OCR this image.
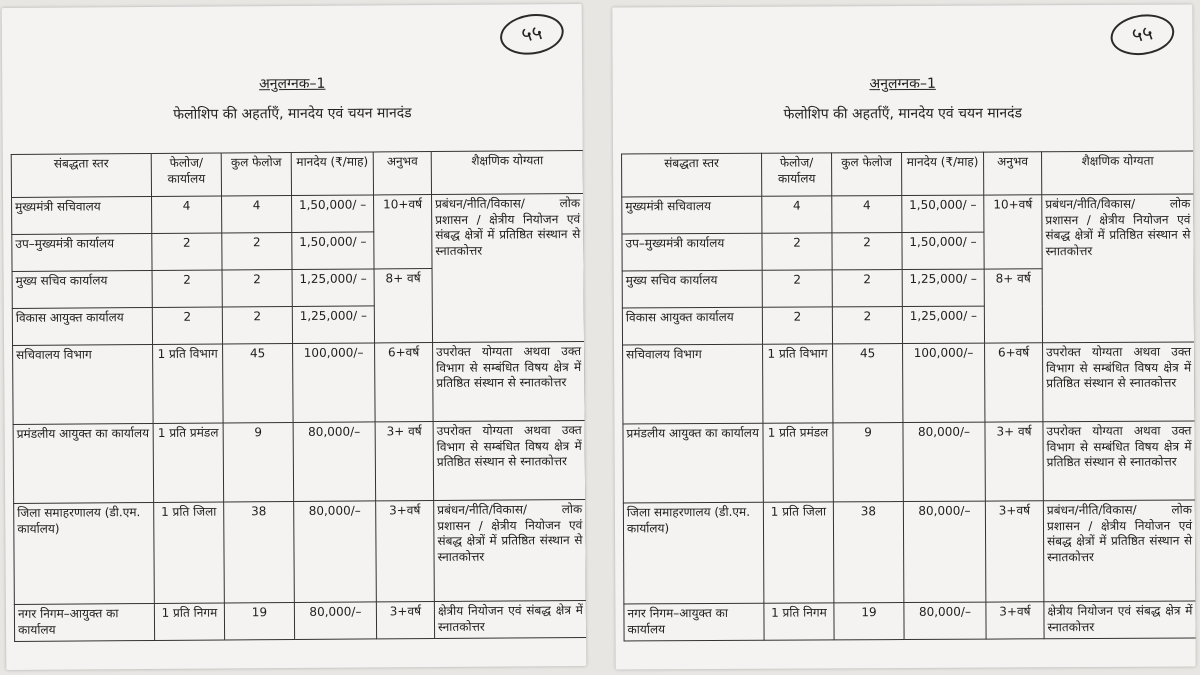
५५
अनुलग्नक–1
फेलोशिप की अहर्ताएँ, मानदेय एवं चयन मानदंड
संबद्धता स्तर	फेलोज/ कार्यालय	कुल फेलोज	मानदेय (₹/माह)	अनुभव	शैक्षणिक योग्यता
मुख्यमंत्री सचिवालय	4	4	1,50,000/ –	10+वर्ष	प्रबंधन/नीति/विकास/ लोक प्रशासन / क्षेत्रीय नियोजन एवं संबद्ध क्षेत्रों में प्रतिष्ठित संस्थान से स्नातकोत्तर
उप–मुख्यमंत्री कार्यालय	2	2	1,50,000/ –		
मुख्य सचिव कार्यालय	2	2	1,25,000/ –	8+ वर्ष	
विकास आयुक्त कार्यालय	2	2	1,25,000/ –		
सचिवालय विभाग	1 प्रति विभाग	45	100,000/–	6+वर्ष	उपरोक्त योग्यता अथवा उक्त विभाग से सम्बंधित विषय क्षेत्र में प्रतिष्ठित संस्थान से स्नातकोत्तर
प्रमंडलीय आयुक्त का कार्यालय	1 प्रति प्रमंडल	9	80,000/–	3+ वर्ष	उपरोक्त योग्यता अथवा उक्त विभाग से सम्बंधित विषय क्षेत्र में प्रतिष्ठित संस्थान से स्नातकोत्तर
जिला समाहरणालय (डी.एम. कार्यालय)	1 प्रति जिला	38	80,000/–	3+वर्ष	प्रबंधन/नीति/विकास/ लोक प्रशासन / क्षेत्रीय नियोजन एवं संबद्ध क्षेत्रों में प्रतिष्ठित संस्थान से स्नातकोत्तर
नगर निगम–आयुक्त का कार्यालय	1 प्रति निगम	19	80,000/–	3+वर्ष	क्षेत्रीय नियोजन एवं संबद्ध क्षेत्र में स्नातकोत्तर
५५
अनुलग्नक–1
फेलोशिप की अहर्ताएँ, मानदेय एवं चयन मानदंड
संबद्धता स्तर	फेलोज/ कार्यालय	कुल फेलोज	मानदेय (₹/माह)	अनुभव	शैक्षणिक योग्यता
मुख्यमंत्री सचिवालय	4	4	1,50,000/ –	10+वर्ष	प्रबंधन/नीति/विकास/ लोक प्रशासन / क्षेत्रीय नियोजन एवं संबद्ध क्षेत्रों में प्रतिष्ठित संस्थान से स्नातकोत्तर
उप–मुख्यमंत्री कार्यालय	2	2	1,50,000/ –		
मुख्य सचिव कार्यालय	2	2	1,25,000/ –	8+ वर्ष	
विकास आयुक्त कार्यालय	2	2	1,25,000/ –		
सचिवालय विभाग	1 प्रति विभाग	45	100,000/–	6+वर्ष	उपरोक्त योग्यता अथवा उक्त विभाग से सम्बंधित विषय क्षेत्र में प्रतिष्ठित संस्थान से स्नातकोत्तर
प्रमंडलीय आयुक्त का कार्यालय	1 प्रति प्रमंडल	9	80,000/–	3+ वर्ष	उपरोक्त योग्यता अथवा उक्त विभाग से सम्बंधित विषय क्षेत्र में प्रतिष्ठित संस्थान से स्नातकोत्तर
जिला समाहरणालय (डी.एम. कार्यालय)	1 प्रति जिला	38	80,000/–	3+वर्ष	प्रबंधन/नीति/विकास/ लोक प्रशासन / क्षेत्रीय नियोजन एवं संबद्ध क्षेत्रों में प्रतिष्ठित संस्थान से स्नातकोत्तर
नगर निगम–आयुक्त का कार्यालय	1 प्रति निगम	19	80,000/–	3+वर्ष	क्षेत्रीय नियोजन एवं संबद्ध क्षेत्र में स्नातकोत्तर
